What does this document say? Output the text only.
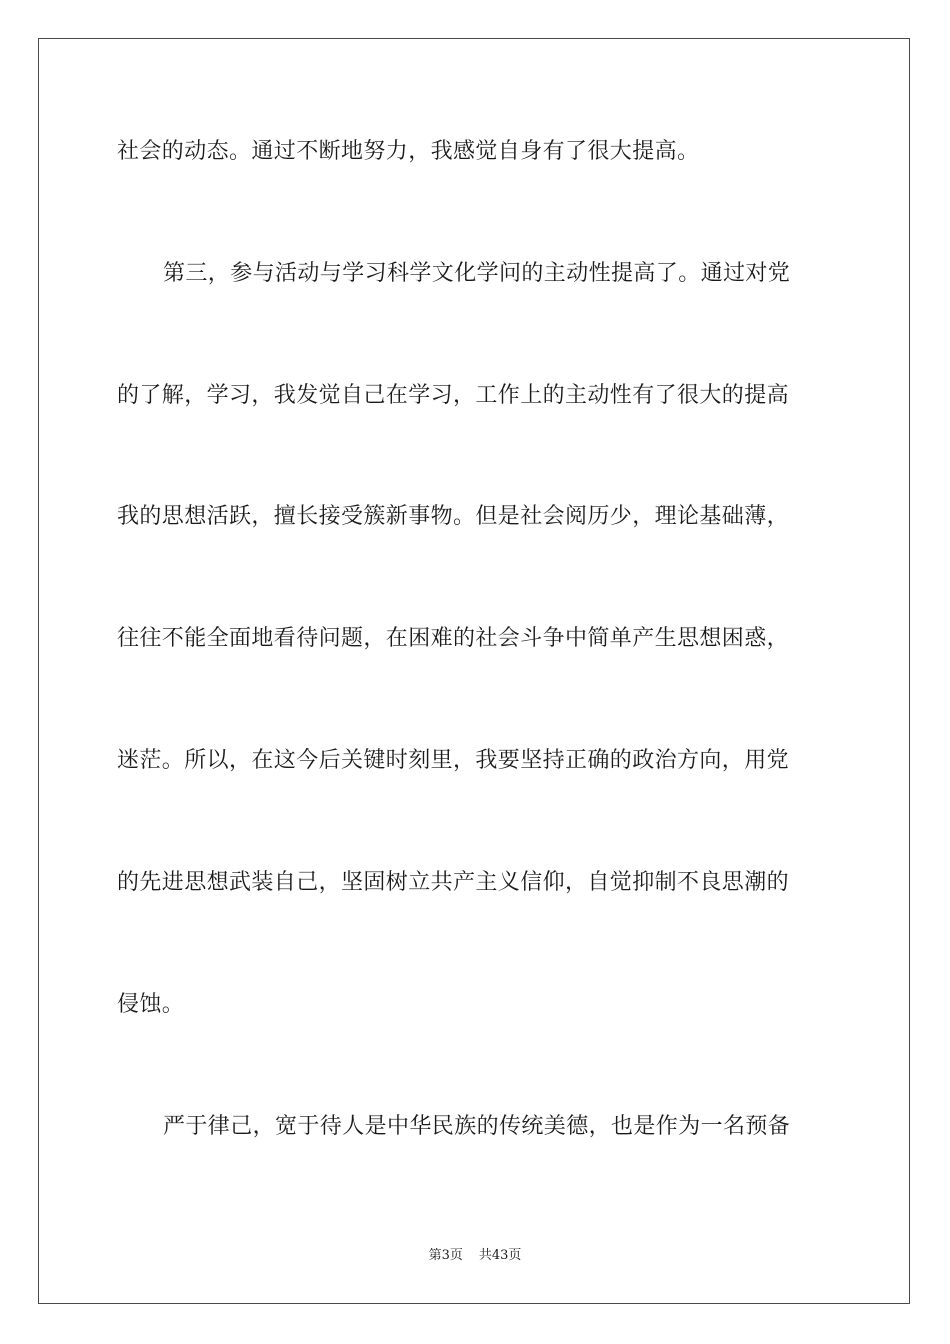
社会的动态。通过不断地努力，我感觉自身有了很大提高。
第三，参与活动与学习科学文化学问的主动性提高了。通过对党
的了解，学习，我发觉自己在学习，工作上的主动性有了很大的提高
我的思想活跃，擅长接受簇新事物。但是社会阅历少，理论基础薄，
往往不能全面地看待问题，在困难的社会斗争中简单产生思想困惑，
迷茫。所以，在这今后关键时刻里，我要坚持正确的政治方向，用党
的先进思想武装自己，坚固树立共产主义信仰，自觉抑制不良思潮的
侵蚀。
严于律己，宽于待人是中华民族的传统美德，也是作为一名预备
第3页 共43页
